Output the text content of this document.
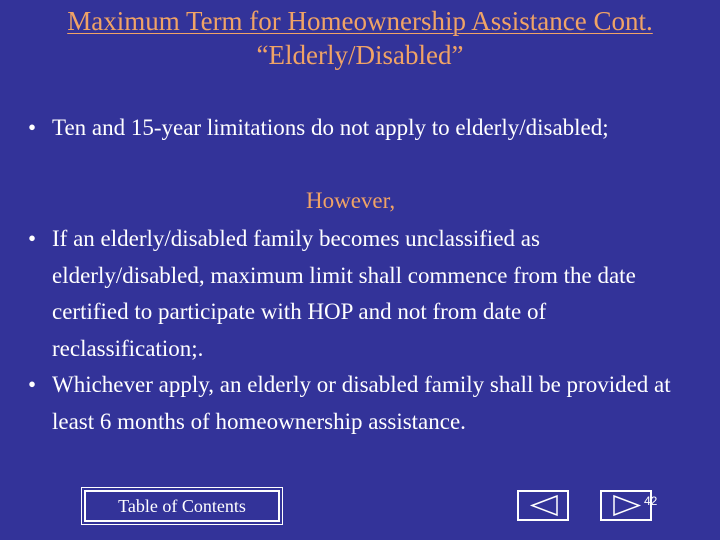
Maximum Term for Homeownership Assistance Cont.
“Elderly/Disabled”
• Ten and 15-year limitations do not apply to elderly/disabled;
However,
• If an elderly/disabled family becomes unclassified as elderly/disabled, maximum limit shall commence from the date certified to participate with HOP and not from date of reclassification;.
• Whichever apply, an elderly or disabled family shall be provided at least 6 months of homeownership assistance.
Table of Contents	42
